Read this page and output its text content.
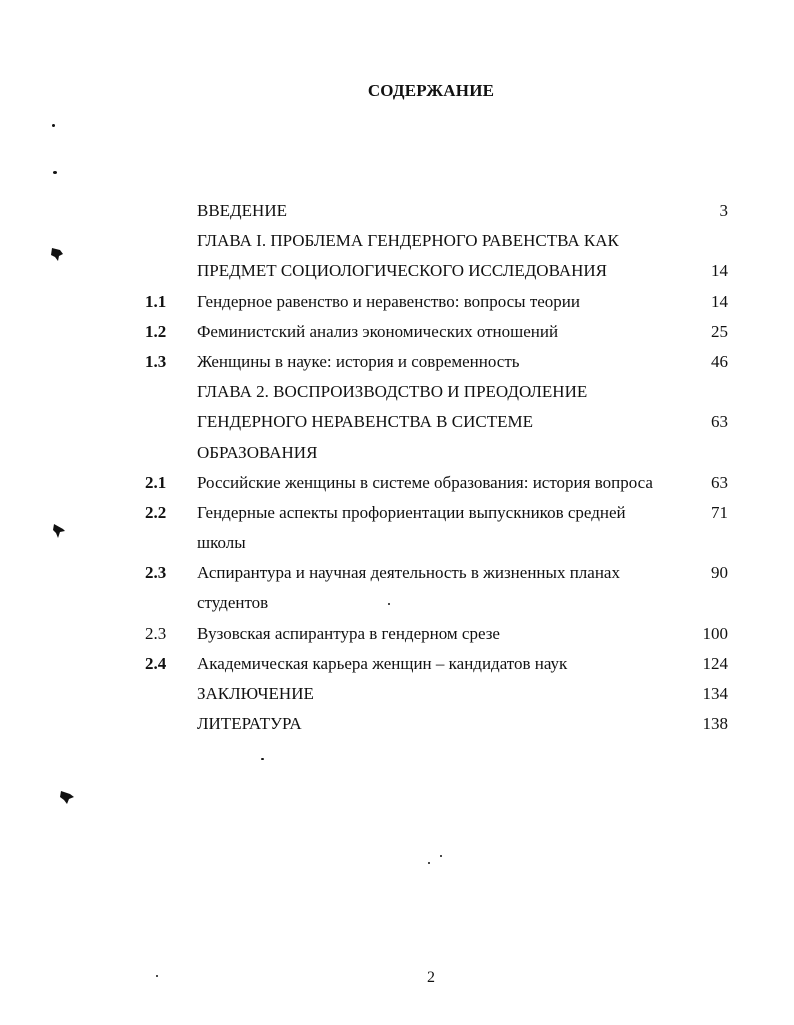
СОДЕРЖАНИЕ
ВВЕДЕНИЕ	3
ГЛАВА I. ПРОБЛЕМА ГЕНДЕРНОГО РАВЕНСТВА КАК
ПРЕДМЕТ СОЦИОЛОГИЧЕСКОГО ИССЛЕДОВАНИЯ	14
1.1	Гендерное равенство и неравенство: вопросы теории	14
1.2	Феминистский анализ экономических отношений	25
1.3	Женщины в науке: история и современность	46
ГЛАВА 2. ВОСПРОИЗВОДСТВО И ПРЕОДОЛЕНИЕ
ГЕНДЕРНОГО НЕРАВЕНСТВА В СИСТЕМЕ	63
ОБРАЗОВАНИЯ
2.1	Российские женщины в системе образования: история вопроса	63
2.2	Гендерные аспекты профориентации выпускников средней	71
школы
2.3	Аспирантура и научная деятельность в жизненных планах	90
студентов
2.3	Вузовская аспирантура в гендерном срезе	100
2.4	Академическая карьера женщин – кандидатов наук	124
ЗАКЛЮЧЕНИЕ	134
ЛИТЕРАТУРА	138
2
